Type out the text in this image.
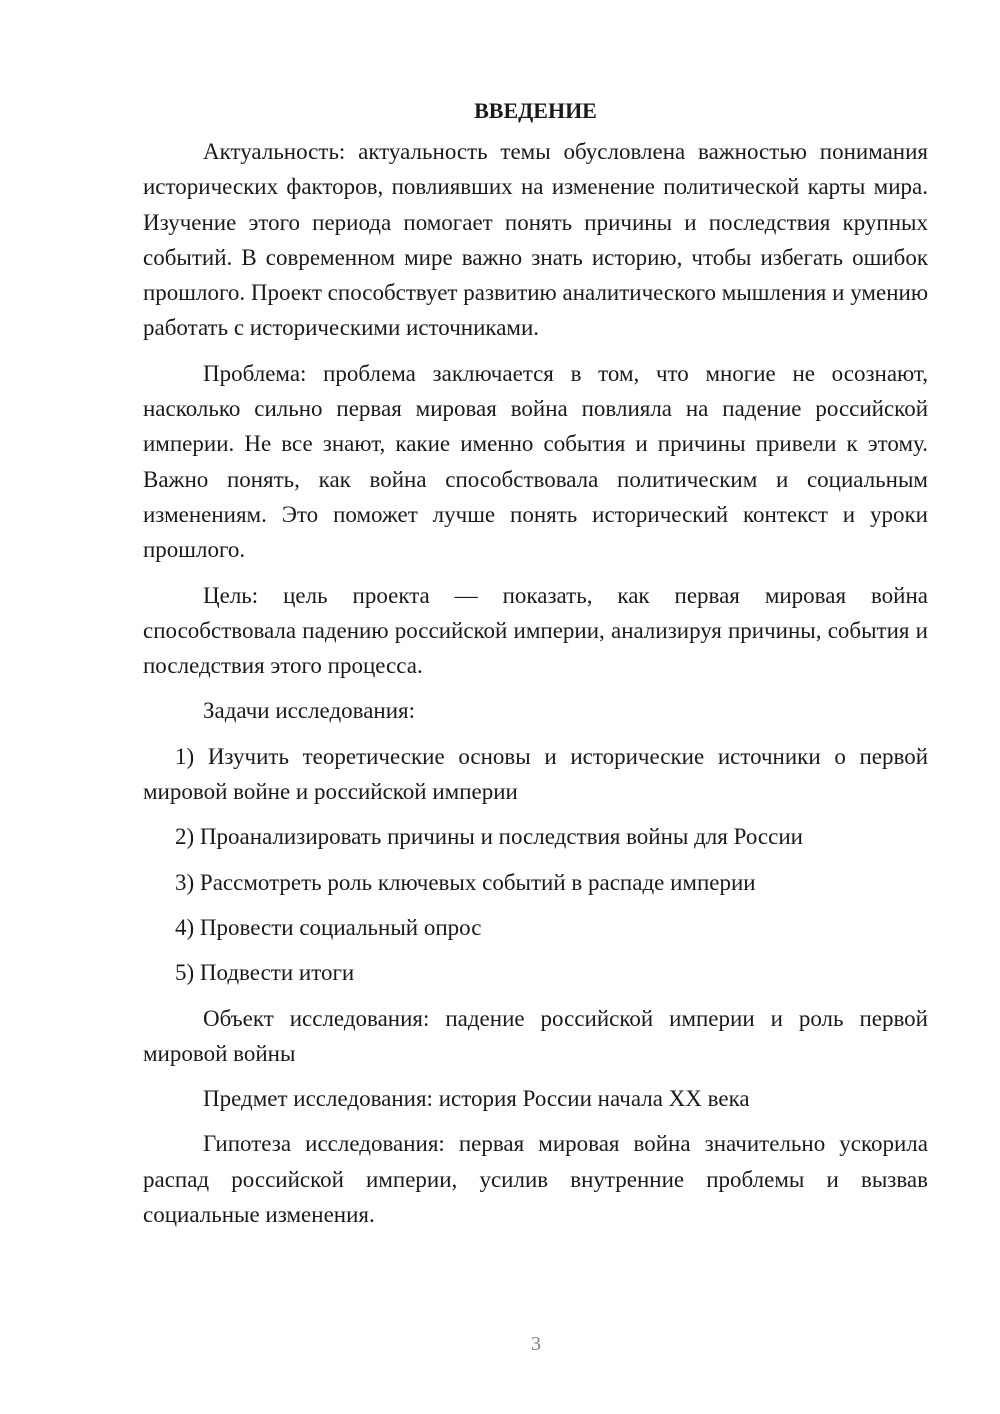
ВВЕДЕНИЕ

Актуальность: актуальность темы обусловлена важностью понимания исторических факторов, повлиявших на изменение политической карты мира. Изучение этого периода помогает понять причины и последствия крупных событий. В современном мире важно знать историю, чтобы избегать ошибок прошлого. Проект способствует развитию аналитического мышления и умению работать с историческими источниками.

Проблема: проблема заключается в том, что многие не осознают, насколько сильно первая мировая война повлияла на падение российской империи. Не все знают, какие именно события и причины привели к этому. Важно понять, как война способствовала политическим и социальным изменениям. Это поможет лучше понять исторический контекст и уроки прошлого.

Цель: цель проекта — показать, как первая мировая война способствовала падению российской империи, анализируя причины, события и последствия этого процесса.

Задачи исследования:

1) Изучить теоретические основы и исторические источники о первой мировой войне и российской империи

2) Проанализировать причины и последствия войны для России

3) Рассмотреть роль ключевых событий в распаде империи

4) Провести социальный опрос

5) Подвести итоги

Объект исследования: падение российской империи и роль первой мировой войны

Предмет исследования: история России начала XX века

Гипотеза исследования: первая мировая война значительно ускорила распад российской империи, усилив внутренние проблемы и вызвав социальные изменения.

3
